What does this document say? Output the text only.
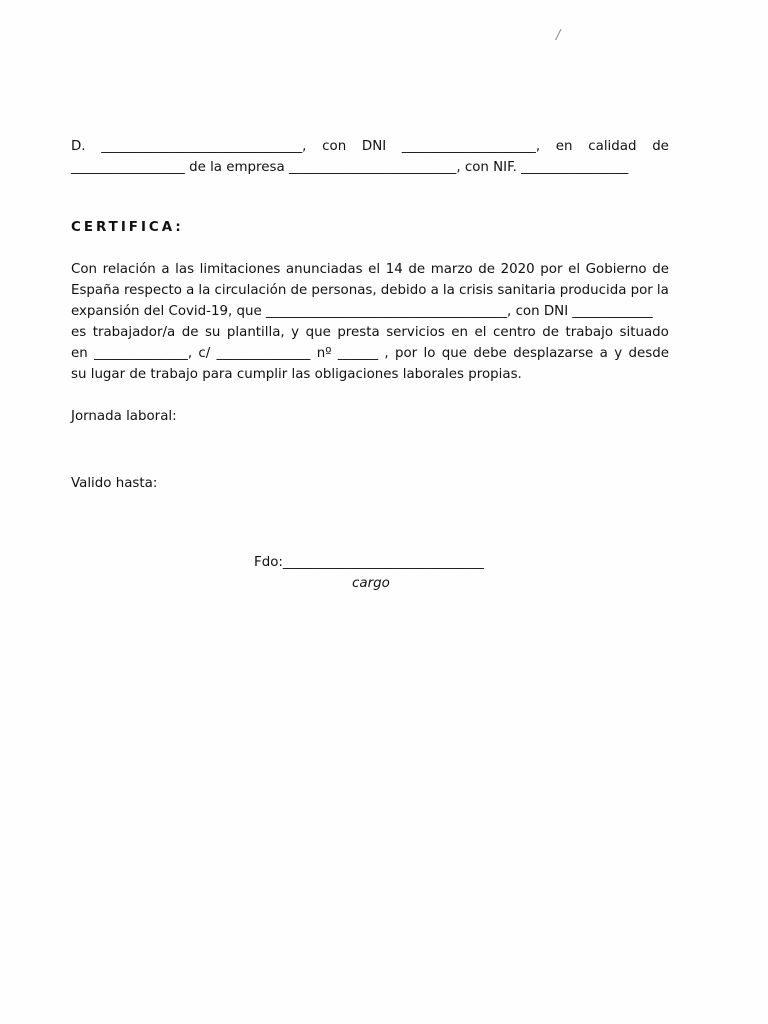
/
D. ______________________________, con DNI ____________________, en calidad de
_________________ de la empresa _________________________, con NIF. ________________
CERTIFICA:
Con relación a las limitaciones anunciadas el 14 de marzo de 2020 por el Gobierno de
España respecto a la circulación de personas, debido a la crisis sanitaria producida por la
expansión del Covid-19, que ____________________________________, con DNI ____________
es trabajador/a de su plantilla, y que presta servicios en el centro de trabajo situado
en ______________, c/ ______________ nº ______ , por lo que debe desplazarse a y desde
su lugar de trabajo para cumplir las obligaciones laborales propias.
Jornada laboral:
Valido hasta:
Fdo:______________________________
cargo
